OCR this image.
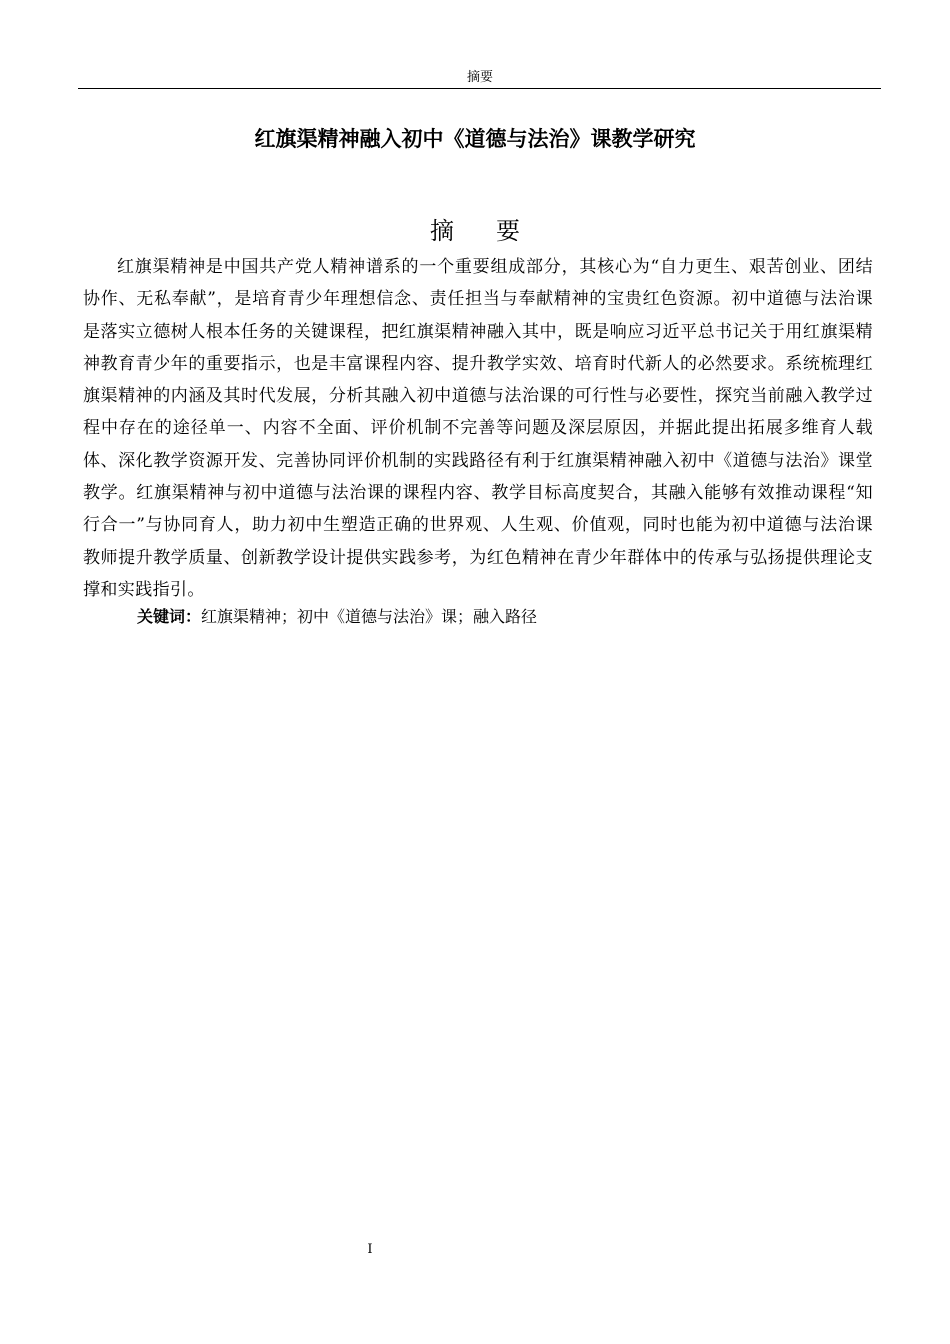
摘要
红旗渠精神融入初中《道德与法治》课教学研究
摘要

红旗渠精神是中国共产党人精神谱系的一个重要组成部分，其核心为“自力更生、艰苦创业、团结协作、无私奉献”，是培育青少年理想信念、责任担当与奉献精神的宝贵红色资源。初中道德与法治课是落实立德树人根本任务的关键课程，把红旗渠精神融入其中，既是响应习近平总书记关于用红旗渠精神教育青少年的重要指示，也是丰富课程内容、提升教学实效、培育时代新人的必然要求。系统梳理红旗渠精神的内涵及其时代发展，分析其融入初中道德与法治课的可行性与必要性，探究当前融入教学过程中存在的途径单一、内容不全面、评价机制不完善等问题及深层原因，并据此提出拓展多维育人载体、深化教学资源开发、完善协同评价机制的实践路径有利于红旗渠精神融入初中《道德与法治》课堂教学。红旗渠精神与初中道德与法治课的课程内容、教学目标高度契合，其融入能够有效推动课程“知行合一”与协同育人，助力初中生塑造正确的世界观、人生观、价值观，同时也能为初中道德与法治课教师提升教学质量、创新教学设计提供实践参考，为红色精神在青少年群体中的传承与弘扬提供理论支撑和实践指引。

关键词：红旗渠精神；初中《道德与法治》课；融入路径
I
